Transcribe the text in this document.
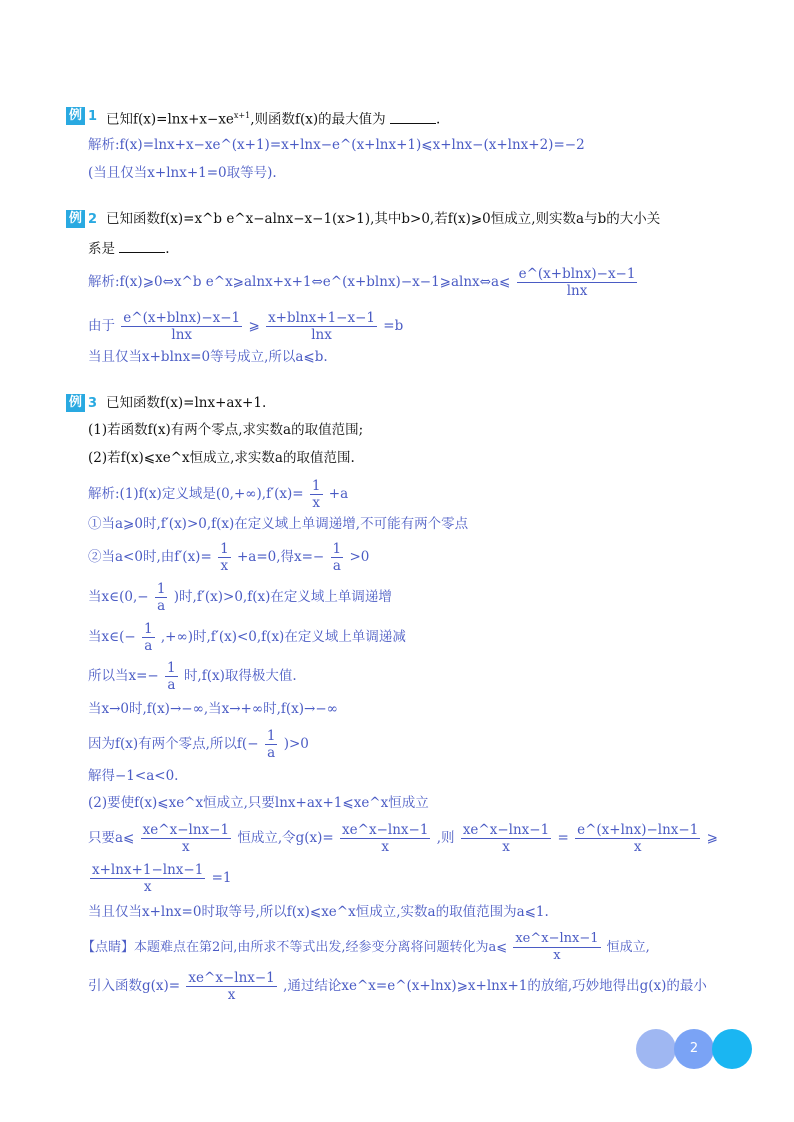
例 1 已知$f(x)=\ln x+x-xe^{x+1}$,则函数f(x)的最大值为	.
解析:f(x)=lnx+x−xe^(x+1)=x+lnx−e^(x+lnx+1)⩽x+lnx−(x+lnx+2)=−2
(当且仅当x+lnx+1=0取等号).
例 2 已知函数f(x)=x^b e^x−alnx−x−1(x>1),其中b>0,若f(x)⩾0恒成立,则实数a与b的大小关
系是	.
解析:f(x)⩾0⇔x^b e^x⩾alnx+x+1⇔e^(x+blnx)−x−1⩾alnx⇔a⩽ $\frac{e\^{}(x+blnx)-x-1}{\ln x}$
由于 $\frac{e\^{}(x+blnx)-x-1}{\ln x}$ ⩾ $\frac{x+blnx+1-x-1}{\ln x} =b$
当且仅当x+blnx=0等号成立,所以a⩽b.
例 3 已知函数f(x)=lnx+ax+1.
(1)若函数f(x)有两个零点,求实数a的取值范围;
(2)若f(x)⩽xe^x恒成立,求实数a的取值范围.
解析:(1)f(x)定义域是$(0,+\infty),f'(x)= \frac{1}{x} +a$
①当a⩾0时,f′(x)>0,f(x)在定义域上单调递增,不可能有两个零点
②当a<0时,由$f'(x)= \frac{1}{x} +a=0$,得$x=- \frac{1}{a} >0$
当x∈(0,− $\frac{1}{a}$ )时,f′(x)>0,f(x)在定义域上单调递增
当x∈(− $\frac{1}{a}$ ,+∞)时,f′(x)<0,f(x)在定义域上单调递减
所以当$x=- \frac{1}{a}$ 时,f(x)取得极大值.
当x→0时,f(x)→−∞,当x→+∞时,f(x)→−∞
因为f(x)有两个零点,所以$f(- \frac{1}{a} )>0$
解得−1<a<0.
(2)要使f(x)⩽xe^x恒成立,只要lnx+ax+1⩽xe^x恒成立
只要a⩽ $\frac{xe\^{}x-\ln x-1}{x}$ 恒成立,令$g(x)= \frac{xe\^{}x-\ln x-1}{x}$ ,则 $\frac{xe\^{}x-\ln x-1}{x} = \frac{e\^{}(x+\ln x)-\ln x-1}{x}$ ⩾
$\frac{x+\ln x+1-\ln x-1}{x} =1$
当且仅当x+lnx=0时取等号,所以f(x)⩽xe^x恒成立,实数a的取值范围为a⩽1.
【点睛】本题难点在第2问,由所求不等式出发,经参变分离将问题转化为a⩽ $\frac{xe\^{}x-\ln x-1}{x}$ 恒成立,
引入函数$g(x)= \frac{xe\^{}x-\ln x-1}{x}$ ,通过结论xe^x=e^(x+lnx)⩾x+lnx+1的放缩,巧妙地得出g(x)的最小
2
